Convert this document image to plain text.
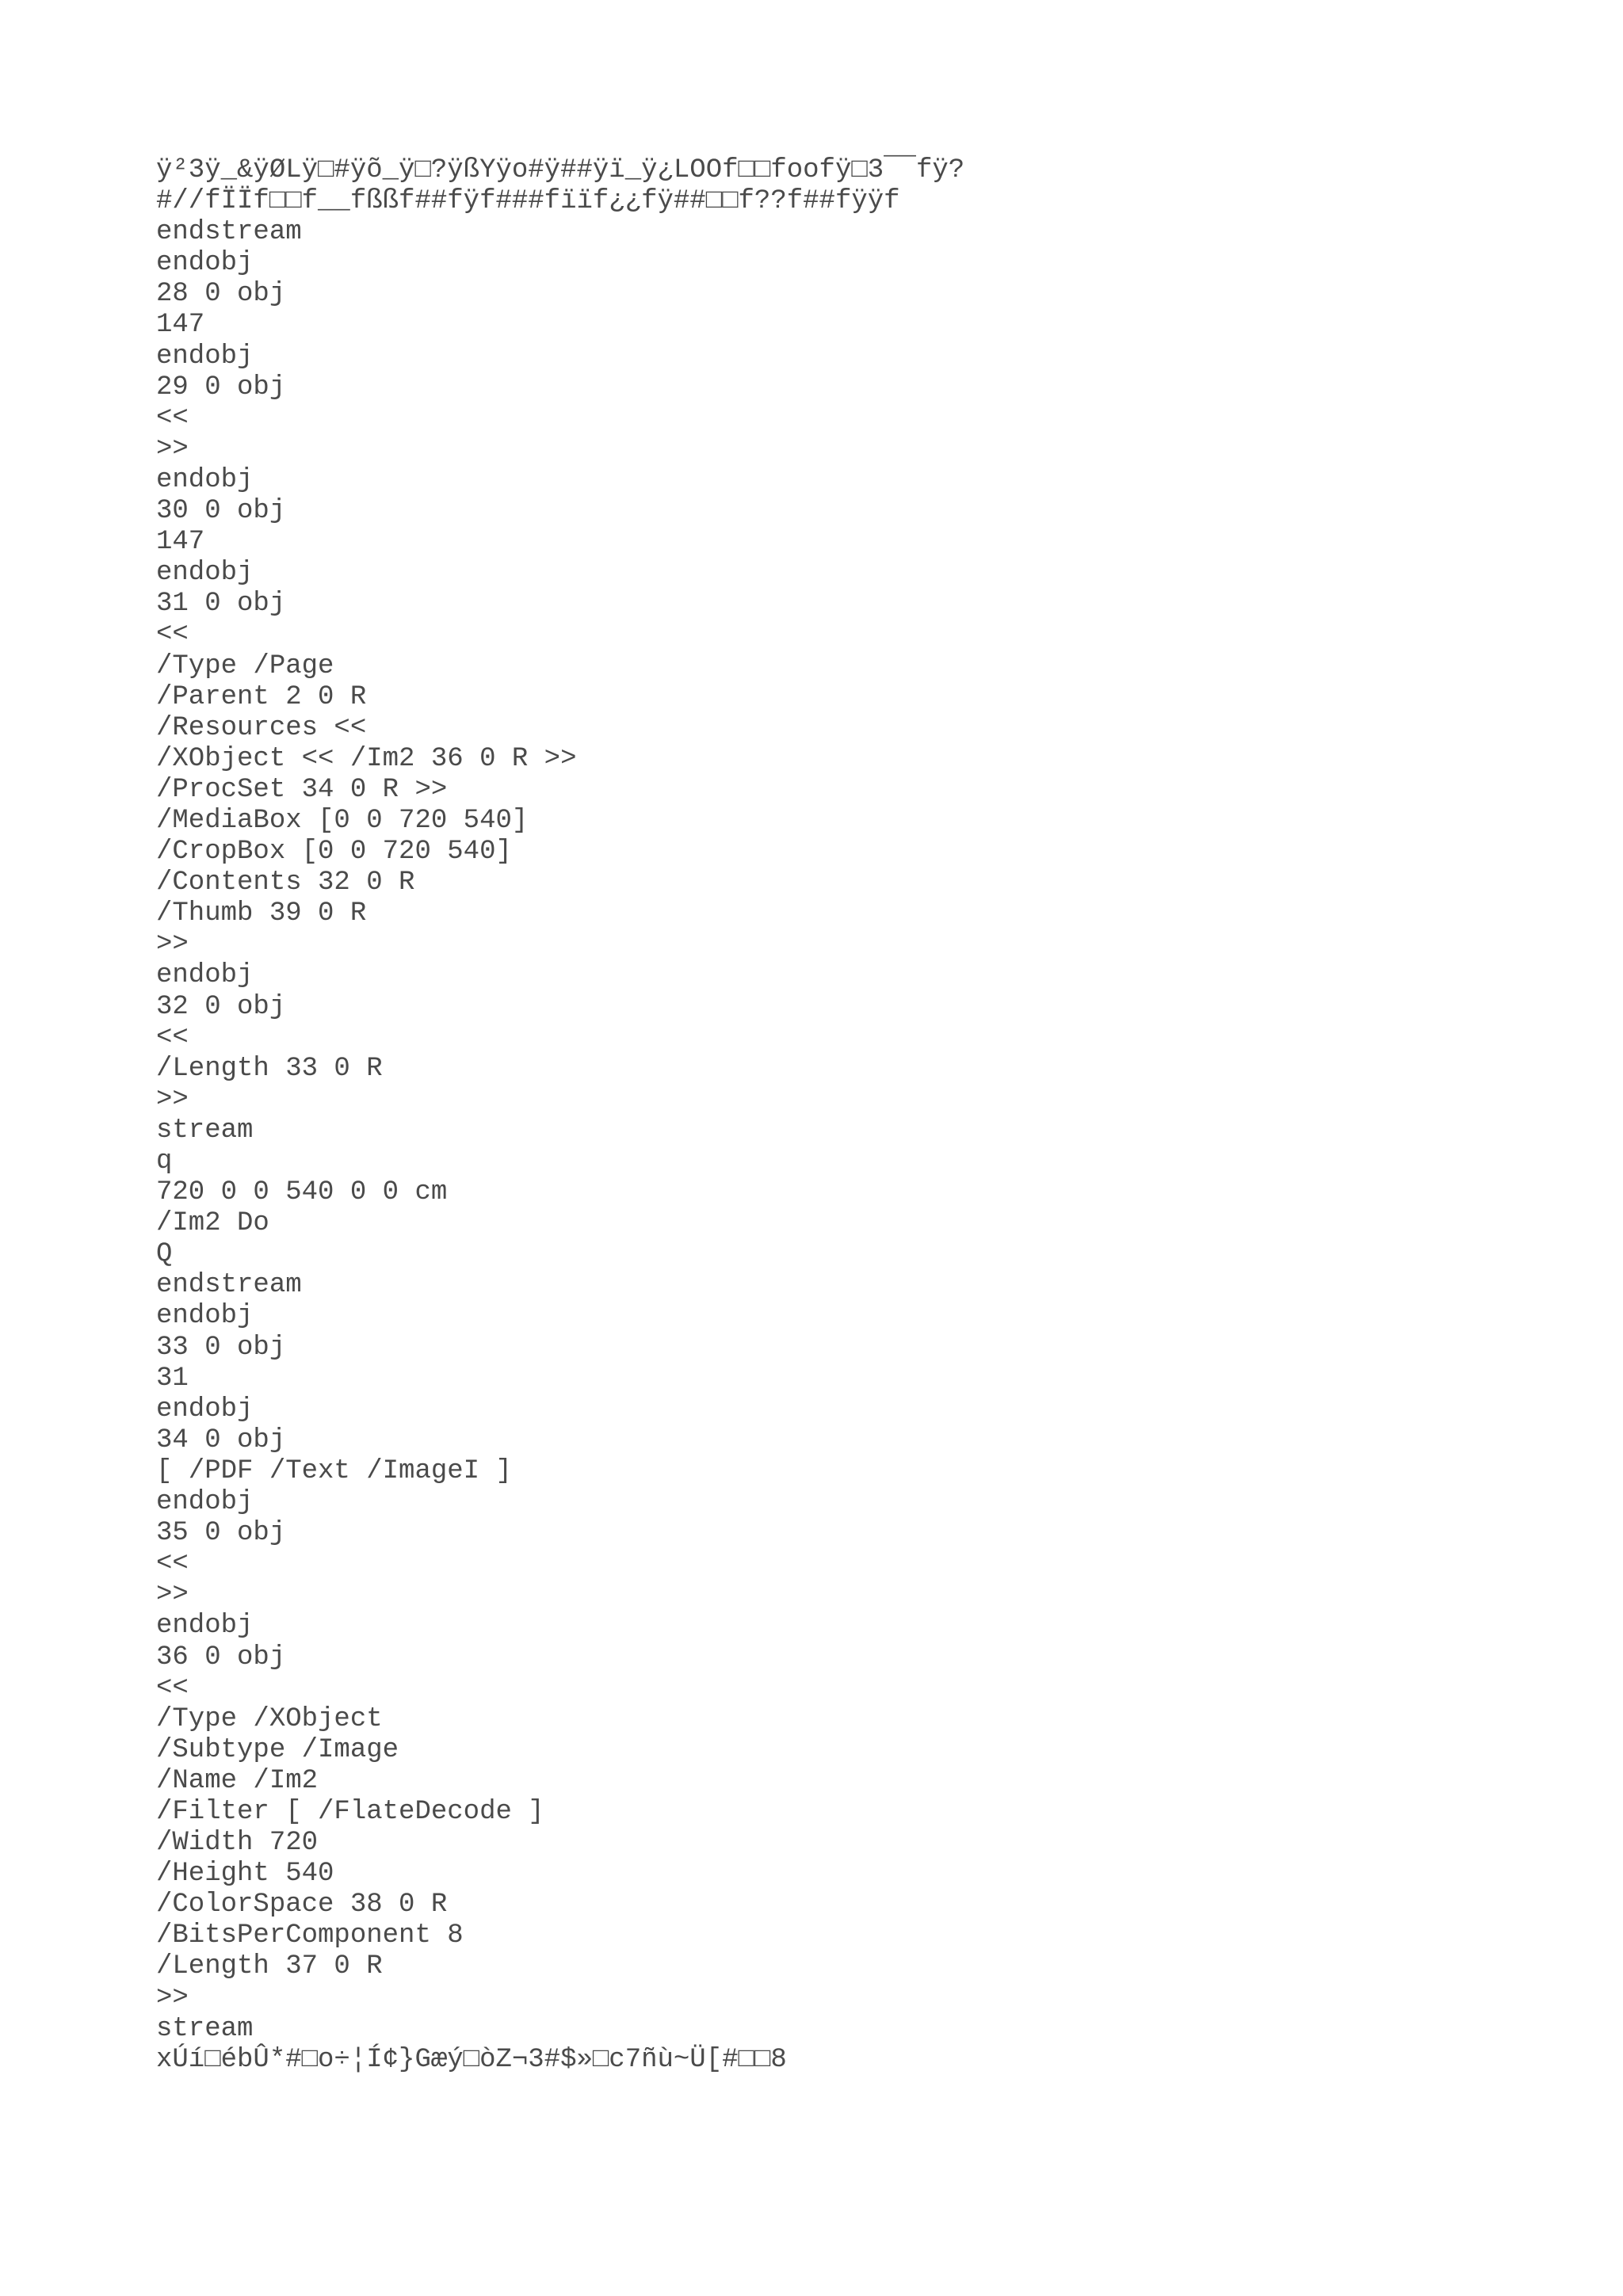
ÿ²3ÿ_&ÿØLÿ□#ÿõ_ÿ□?ÿßYÿo#ÿ##ÿï_ÿ¿LOOf□□foofÿ□3¯¯fÿ?
#//fÏÏf□□f__fßßf##fÿf###fïïf¿¿fÿ##□□f??f##fÿÿf
endstream
endobj
28 0 obj
147
endobj
29 0 obj
<<
>>
endobj
30 0 obj
147
endobj
31 0 obj
<<
/Type /Page
/Parent 2 0 R
/Resources <<
/XObject << /Im2 36 0 R >>
/ProcSet 34 0 R >>
/MediaBox [0 0 720 540]
/CropBox [0 0 720 540]
/Contents 32 0 R
/Thumb 39 0 R
>>
endobj
32 0 obj
<<
/Length 33 0 R
>>
stream
q
720 0 0 540 0 0 cm
/Im2 Do
Q
endstream
endobj
33 0 obj
31
endobj
34 0 obj
[ /PDF /Text /ImageI ]
endobj
35 0 obj
<<
>>
endobj
36 0 obj
<<
/Type /XObject
/Subtype /Image
/Name /Im2
/Filter [ /FlateDecode ]
/Width 720
/Height 540
/ColorSpace 38 0 R
/BitsPerComponent 8
/Length 37 0 R
>>
stream
xÚí□ébÛ*#□o÷¦Í¢}Gæý□òZ¬3#$»□c7ñù~Ü[#□□8
